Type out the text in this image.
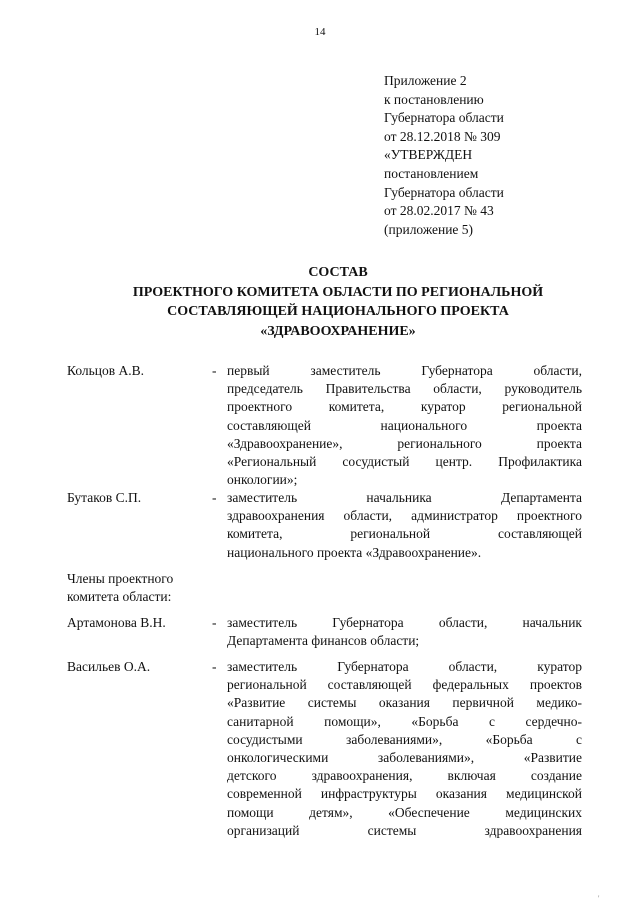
14
Приложение 2
к постановлению
Губернатора области
от 28.12.2018 № 309
«УТВЕРЖДЕН
постановлением
Губернатора области
от 28.02.2017 № 43
(приложение 5)
СОСТАВ
ПРОЕКТНОГО КОМИТЕТА ОБЛАСТИ ПО РЕГИОНАЛЬНОЙ
СОСТАВЛЯЮЩЕЙ НАЦИОНАЛЬНОГО ПРОЕКТА
«ЗДРАВООХРАНЕНИЕ»
Кольцов А.В.	- первый заместитель Губернатора области,
председатель Правительства области, руководитель
проектного комитета, куратор региональной
составляющей национального проекта
«Здравоохранение», регионального проекта
«Региональный сосудистый центр. Профилактика
онкологии»;
Бутаков С.П.	- заместитель начальника Департамента
здравоохранения области, администратор проектного
комитета, региональной составляющей
национального проекта «Здравоохранение».
Члены проектного
комитета области:
Артамонова В.Н.	- заместитель Губернатора области, начальник
Департамента финансов области;
Васильев О.А.	- заместитель Губернатора области, куратор
региональной составляющей федеральных проектов
«Развитие системы оказания первичной медико-
санитарной помощи», «Борьба с сердечно-
сосудистыми заболеваниями», «Борьба с
онкологическими заболеваниями», «Развитие
детского здравоохранения, включая создание
современной инфраструктуры оказания медицинской
помощи детям», «Обеспечение медицинских
организаций системы здравоохранения
'
